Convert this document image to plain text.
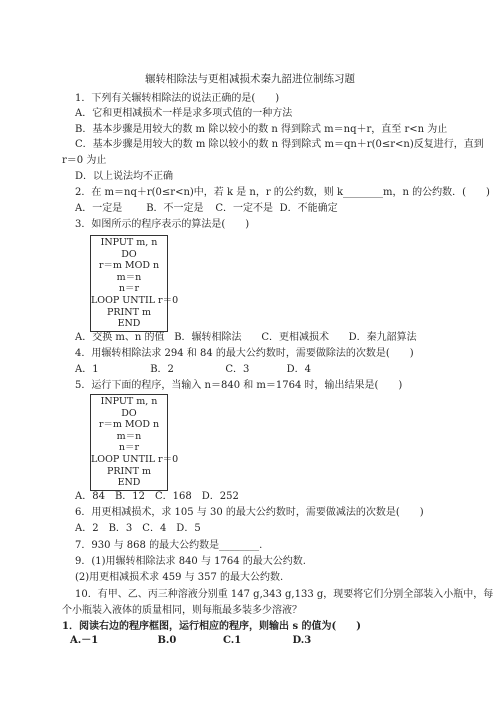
辗转相除法与更相减损术秦九韶进位制练习题
1．下列有关辗转相除法的说法正确的是(　　)
A．它和更相减损术一样是求多项式值的一种方法
B．基本步骤是用较大的数 m 除以较小的数 n 得到除式 m＝nq＋r，直至 r<n 为止
C．基本步骤是用较大的数 m 除以较小的数 n 得到除式 m＝qn＋r(0≤r<n)反复进行，直到
r＝0 为止
D．以上说法均不正确
2．在 m＝nq＋r(0≤r<n)中，若 k 是 n，r 的公约数，则 k________m，n 的公约数．(　　)
A．一定是 B．不一定是 C．一定不是 D．不能确定
3．如图所示的程序表示的算法是(　　)
INPUT m, n
DO
r＝m MOD n
m＝n
n＝r
LOOP UNTIL r＝0
PRINT m
END
A．交换 m、n 的值 B．辗转相除法 C．更相减损术 D．秦九韶算法
4．用辗转相除法求 294 和 84 的最大公约数时，需要做除法的次数是(　　)
A．1	B．2	C．3	D．4
5．运行下面的程序，当输入 n＝840 和 m＝1764 时，输出结果是(　　)
INPUT m, n
DO
r＝m MOD n
m＝n
n＝r
LOOP UNTIL r＝0
PRINT m
END
A．84　B．12　C．168　D．252
6．用更相减损术，求 105 与 30 的最大公约数时，需要做减法的次数是(　　)
A．2　B．3　C．4　D．5
7．930 与 868 的最大公约数是________.
9．(1)用辗转相除法求 840 与 1764 的最大公约数.
(2)用更相减损术求 459 与 357 的最大公约数.
10．有甲、乙、丙三种溶液分别重 147 g,343 g,133 g，现要将它们分别全部装入小瓶中，每
个小瓶装入液体的质量相同，则每瓶最多装多少溶液？
1．阅读右边的程序框图，运行相应的程序，则输出 s 的值为(　　)
A.－1	B.0	C.1	D.3
